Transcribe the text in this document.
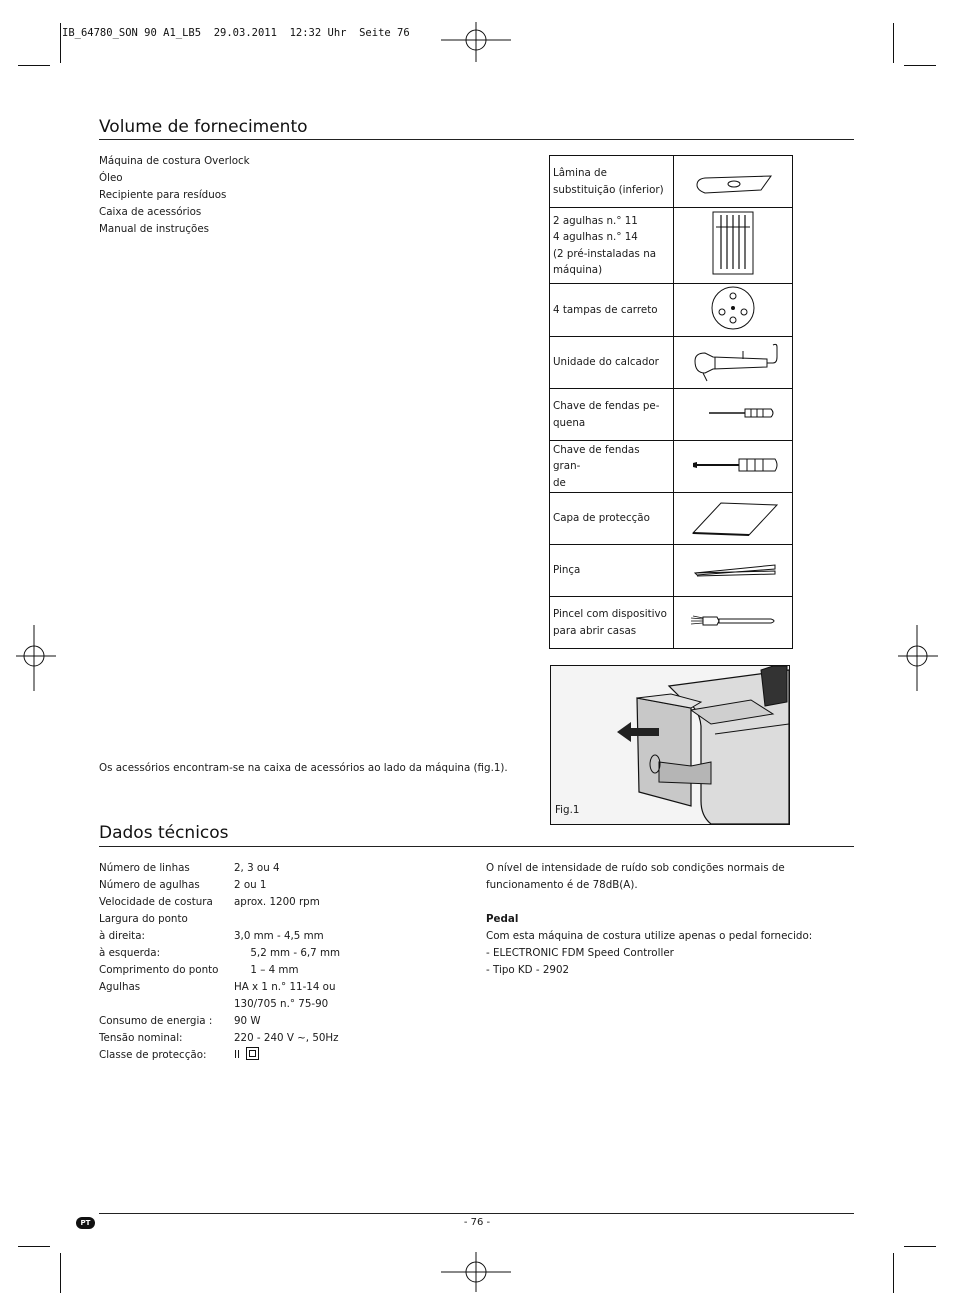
IB_64780_SON 90 A1_LB5  29.03.2011  12:32 Uhr  Seite 76
Volume de fornecimento
Máquina de costura Overlock
Óleo
Recipiente para resíduos
Caixa de acessórios
Manual de instruções
Lâmina de substituição (inferior)	
2 agulhas n.° 11
4 agulhas n.° 14
(2 pré-instaladas na máquina)	
4 tampas de carreto	
Unidade do calcador	
Chave de fendas pe-
quena	
Chave de fendas gran-
de	
Capa de protecção	
Pinça	
Pincel com dispositivo para abrir casas	
Fig.1
Os acessórios encontram-se na caixa de acessórios ao lado da máquina (fig.1).
Dados técnicos
Número de linhas	2, 3 ou 4
Número de agulhas	2 ou 1
Velocidade de costura	aprox. 1200 rpm
Largura do ponto	
à direita:	3,0 mm - 4,5 mm
à esquerda:	5,2 mm - 6,7 mm
Comprimento do ponto	1 – 4 mm
Agulhas	HA x 1 n.° 11-14 ou
130/705 n.° 75-90
Consumo de energia :	90 W
Tensão nominal:	220 - 240 V ~, 50Hz
Classe de protecção:	II
O nível de intensidade de ruído sob condições normais de funcionamento é de 78dB(A).
Pedal
Com esta máquina de costura utilize apenas o pedal fornecido:
- ELECTRONIC FDM Speed Controller
- Tipo KD - 2902
PT	- 76 -
